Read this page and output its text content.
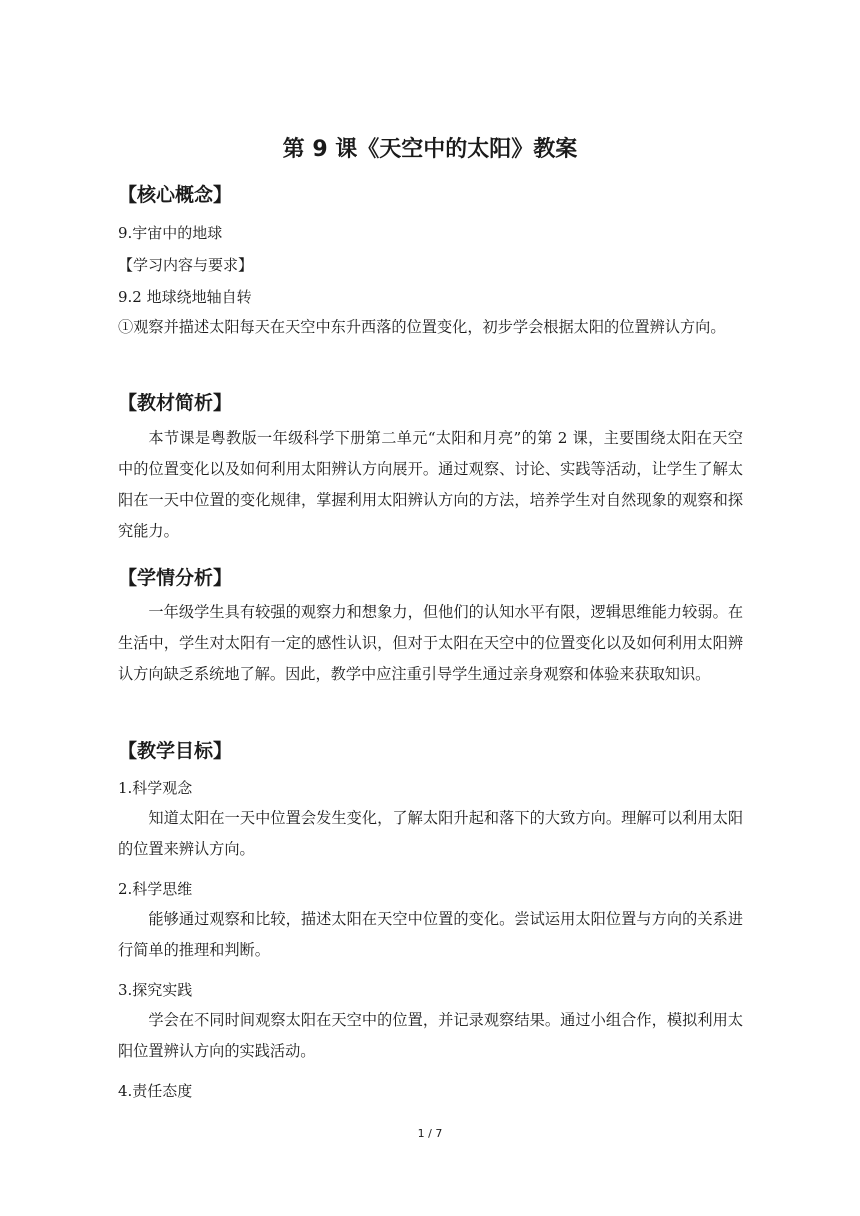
第 9 课《天空中的太阳》教案
【核心概念】
9.宇宙中的地球
【学习内容与要求】
9.2 地球绕地轴自转
①观察并描述太阳每天在天空中东升西落的位置变化，初步学会根据太阳的位置辨认方向。
【教材简析】
本节课是粤教版一年级科学下册第二单元“太阳和月亮”的第 2 课，主要围绕太阳在天空中的位置变化以及如何利用太阳辨认方向展开。通过观察、讨论、实践等活动，让学生了解太阳在一天中位置的变化规律，掌握利用太阳辨认方向的方法，培养学生对自然现象的观察和探究能力。
【学情分析】
一年级学生具有较强的观察力和想象力，但他们的认知水平有限，逻辑思维能力较弱。在生活中，学生对太阳有一定的感性认识，但对于太阳在天空中的位置变化以及如何利用太阳辨认方向缺乏系统地了解。因此，教学中应注重引导学生通过亲身观察和体验来获取知识。
【教学目标】
1.科学观念
知道太阳在一天中位置会发生变化，了解太阳升起和落下的大致方向。理解可以利用太阳的位置来辨认方向。
2.科学思维
能够通过观察和比较，描述太阳在天空中位置的变化。尝试运用太阳位置与方向的关系进行简单的推理和判断。
3.探究实践
学会在不同时间观察太阳在天空中的位置，并记录观察结果。通过小组合作，模拟利用太阳位置辨认方向的实践活动。
4.责任态度
1 / 7
